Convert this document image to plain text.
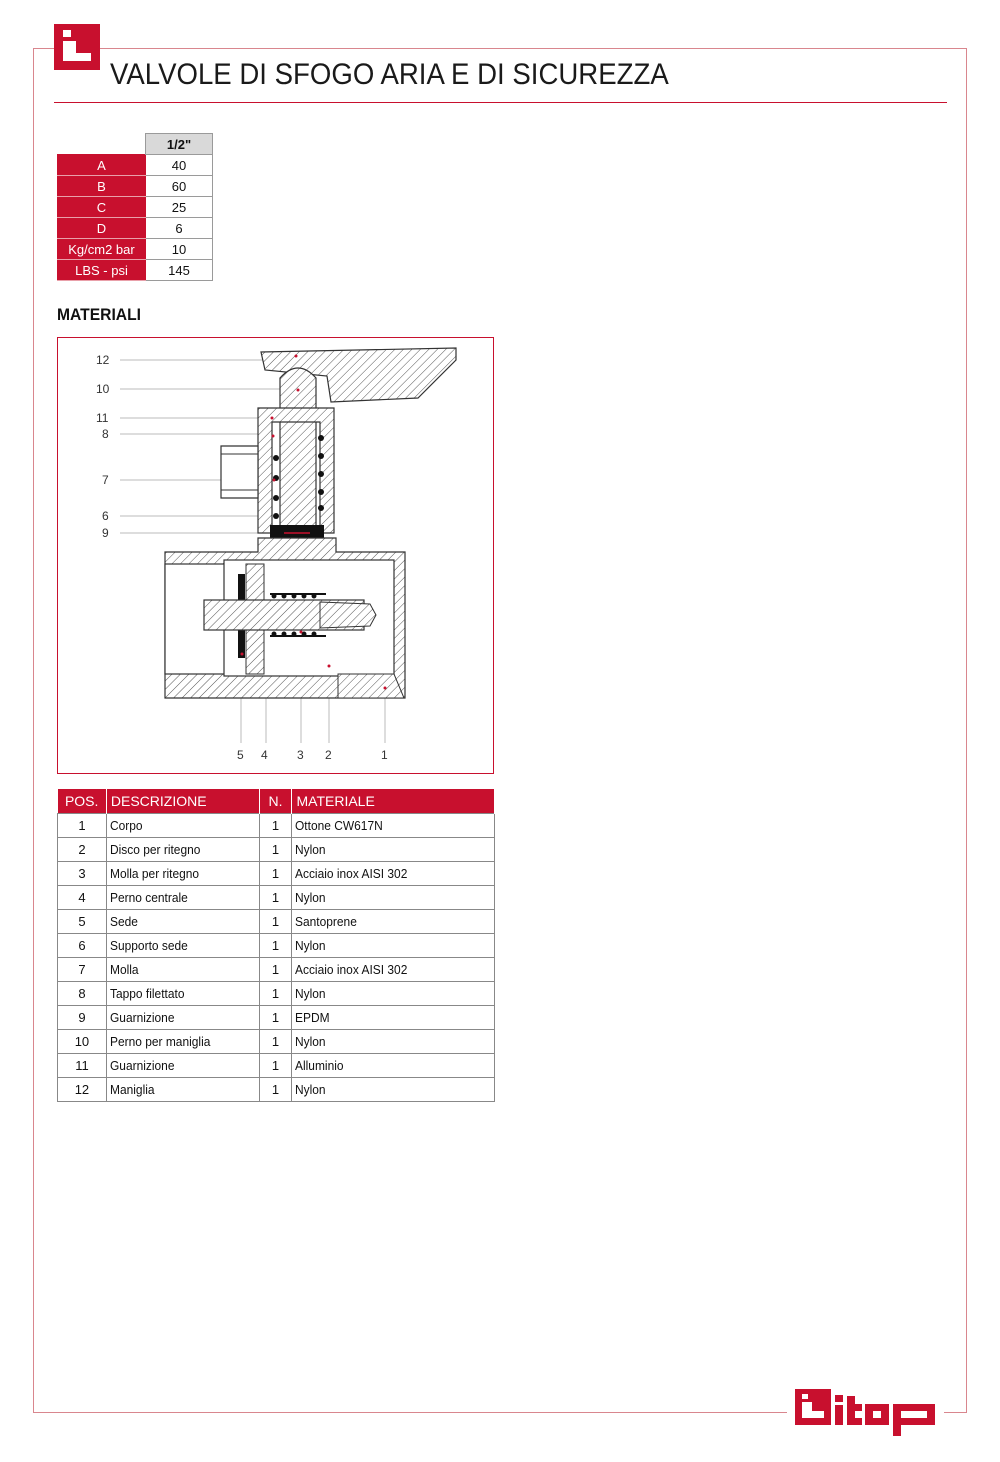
VALVOLE DI SFOGO ARIA E DI SICUREZZA
	1/2"
A	40
B	60
C	25
D	6
Kg/cm2 bar	10
LBS - psi	145
MATERIALI
12
10
11
8
7
6
9
5 4 3 2	1
POS.	DESCRIZIONE	N.	MATERIALE
1	Corpo	1	Ottone CW617N
2	Disco per ritegno	1	Nylon
3	Molla per ritegno	1	Acciaio inox AISI 302
4	Perno centrale	1	Nylon
5	Sede	1	Santoprene
6	Supporto sede	1	Nylon
7	Molla	1	Acciaio inox AISI 302
8	Tappo filettato	1	Nylon
9	Guarnizione	1	EPDM
10	Perno per maniglia	1	Nylon
11	Guarnizione	1	Alluminio
12	Maniglia	1	Nylon
